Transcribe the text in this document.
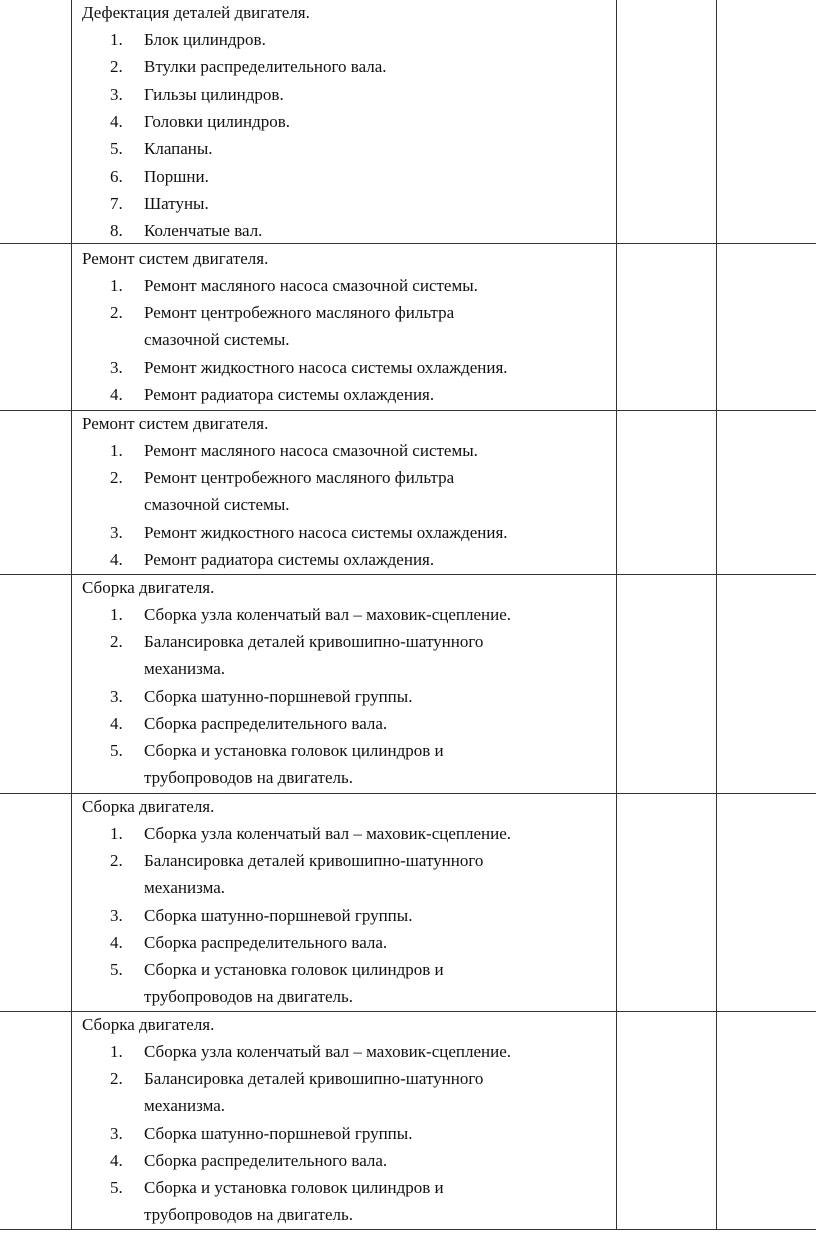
Дефектация деталей двигателя.
1.	Блок цилиндров.
2.	Втулки распределительного вала.
3.	Гильзы цилиндров.
4.	Головки цилиндров.
5.	Клапаны.
6.	Поршни.
7.	Шатуны.
8.	Коленчатые вал.
Ремонт систем двигателя.
1.	Ремонт масляного насоса смазочной системы.
2.	Ремонт центробежного масляного фильтра
смазочной системы.
3.	Ремонт жидкостного насоса системы охлаждения.
4.	Ремонт радиатора системы охлаждения.
Ремонт систем двигателя.
1.	Ремонт масляного насоса смазочной системы.
2.	Ремонт центробежного масляного фильтра
смазочной системы.
3.	Ремонт жидкостного насоса системы охлаждения.
4.	Ремонт радиатора системы охлаждения.
Сборка двигателя.
1.	Сборка узла коленчатый вал – маховик-сцепление.
2.	Балансировка деталей кривошипно-шатунного
механизма.
3.	Сборка шатунно-поршневой группы.
4.	Сборка распределительного вала.
5.	Сборка и установка головок цилиндров и
трубопроводов на двигатель.
Сборка двигателя.
1.	Сборка узла коленчатый вал – маховик-сцепление.
2.	Балансировка деталей кривошипно-шатунного
механизма.
3.	Сборка шатунно-поршневой группы.
4.	Сборка распределительного вала.
5.	Сборка и установка головок цилиндров и
трубопроводов на двигатель.
Сборка двигателя.
1.	Сборка узла коленчатый вал – маховик-сцепление.
2.	Балансировка деталей кривошипно-шатунного
механизма.
3.	Сборка шатунно-поршневой группы.
4.	Сборка распределительного вала.
5.	Сборка и установка головок цилиндров и
трубопроводов на двигатель.
